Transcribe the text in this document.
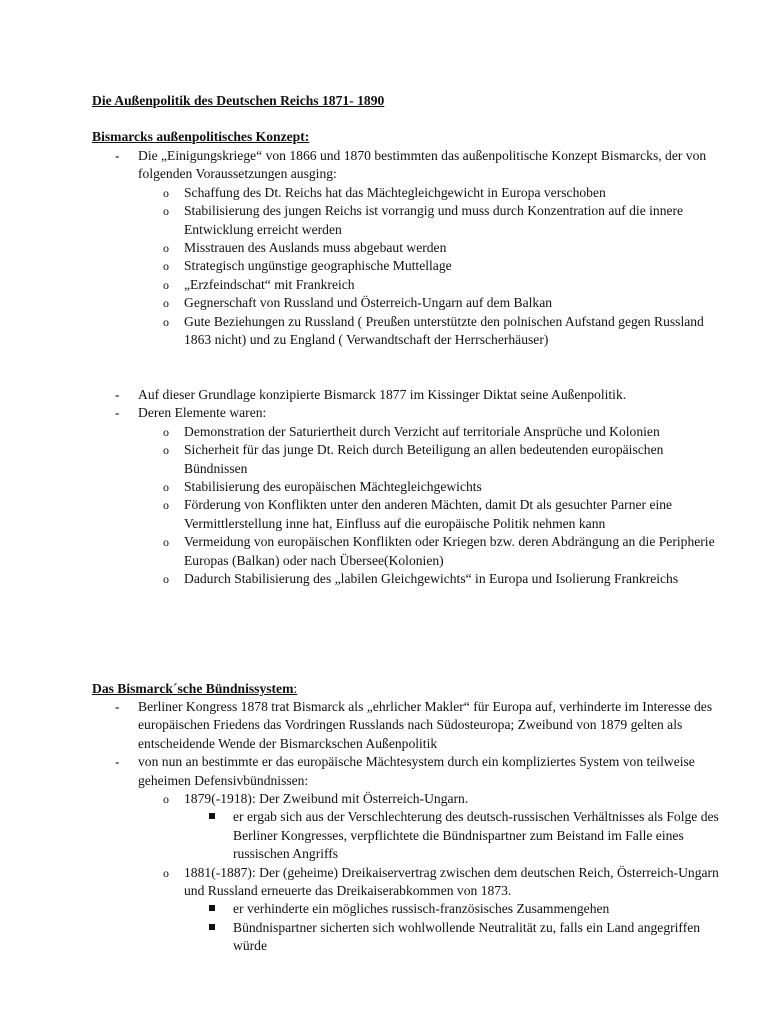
Die Außenpolitik des Deutschen Reichs 1871- 1890
Bismarcks außenpolitisches Konzept:
- Die „Einigungskriege“ von 1866 und 1870 bestimmten das außenpolitische Konzept Bismarcks, der von folgenden Voraussetzungen ausging:
o Schaffung des Dt. Reichs hat das Mächtegleichgewicht in Europa verschoben
o Stabilisierung des jungen Reichs ist vorrangig und muss durch Konzentration auf die innere Entwicklung erreicht werden
o Misstrauen des Auslands muss abgebaut werden
o Strategisch ungünstige geographische Muttellage
o „Erzfeindschat“ mit Frankreich
o Gegnerschaft von Russland und Österreich-Ungarn auf dem Balkan
o Gute Beziehungen zu Russland ( Preußen unterstützte den polnischen Aufstand gegen Russland 1863 nicht) und zu England ( Verwandtschaft der Herrscherhäuser)
- Auf dieser Grundlage konzipierte Bismarck 1877 im Kissinger Diktat seine Außenpolitik.
- Deren Elemente waren:
o Demonstration der Saturiertheit durch Verzicht auf territoriale Ansprüche und Kolonien
o Sicherheit für das junge Dt. Reich durch Beteiligung an allen bedeutenden europäischen Bündnissen
o Stabilisierung des europäischen Mächtegleichgewichts
o Förderung von Konflikten unter den anderen Mächten, damit Dt als gesuchter Parner eine Vermittlerstellung inne hat, Einfluss auf die europäische Politik nehmen kann
o Vermeidung von europäischen Konflikten oder Kriegen bzw. deren Abdrängung an die Peripherie Europas (Balkan) oder nach Übersee(Kolonien)
o Dadurch Stabilisierung des „labilen Gleichgewichts“ in Europa und Isolierung Frankreichs
Das Bismarck´sche Bündnissystem:
- Berliner Kongress 1878 trat Bismarck als „ehrlicher Makler“ für Europa auf, verhinderte im Interesse des europäischen Friedens das Vordringen Russlands nach Südosteuropa; Zweibund von 1879 gelten als entscheidende Wende der Bismarckschen Außenpolitik
- von nun an bestimmte er das europäische Mächtesystem durch ein kompliziertes System von teilweise geheimen Defensivbündnissen:
o 1879(-1918): Der Zweibund mit Österreich-Ungarn.
er ergab sich aus der Verschlechterung des deutsch-russischen Verhältnisses als Folge des Berliner Kongresses, verpflichtete die Bündnispartner zum Beistand im Falle eines russischen Angriffs
o 1881(-1887): Der (geheime) Dreikaiservertrag zwischen dem deutschen Reich, Österreich-Ungarn und Russland erneuerte das Dreikaiserabkommen von 1873.
er verhinderte ein mögliches russisch-französisches Zusammengehen
Bündnispartner sicherten sich wohlwollende Neutralität zu, falls ein Land angegriffen würde
